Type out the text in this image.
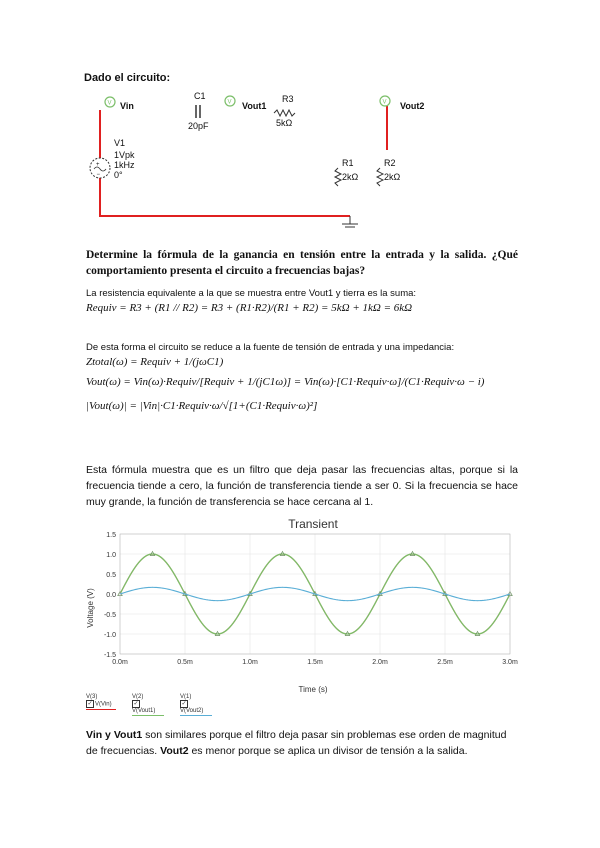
Dado el circuito:
V Vin	V Vout1	V Vout2
C1
20pF
R3
5kΩ
R1
2kΩ
R2
2kΩ
+
−
V1
1Vpk
1kHz
0°
Determine la fórmula de la ganancia en tensión entre la entrada y la salida. ¿Qué comportamiento presenta el circuito a frecuencias bajas?
La resistencia equivalente a la que se muestra entre Vout1 y tierra es la suma:
Requiv = R3 + (R1 // R2) = R3 + (R1·R2)/(R1 + R2) = 5kΩ + 1kΩ = 6kΩ
De esta forma el circuito se reduce a la fuente de tensión de entrada y una impedancia:
Ztotal(ω) = Requiv + 1/(jωC1)
Vout(ω) = Vin(ω)·Requiv/[Requiv + 1/(jC1ω)] = Vin(ω)·[C1·Requiv·ω]/(C1·Requiv·ω − i)
|Vout(ω)| = |Vin|·C1·Requiv·ω/√[1+(C1·Requiv·ω)²]
Esta fórmula muestra que es un filtro que deja pasar las frecuencias altas, porque si la frecuencia tiende a cero, la función de transferencia tiende a ser 0. Si la frecuencia se hace muy grande, la función de transferencia se hace cercana al 1.
Transient
Voltage (V)
Time (s)
1.5
1.0
0.5
0.0
-0.5
-1.0
-1.5
0.0m	0.5m	1.0m	1.5m	2.0m	2.5m	3.0m
V(3)
✓ V(Vin)
V(2)
✓V(Vout1)
V(1)
✓V(Vout2)
Vin y Vout1 son similares porque el filtro deja pasar sin problemas ese orden de magnitud de frecuencias. Vout2 es menor porque se aplica un divisor de tensión a la salida.
